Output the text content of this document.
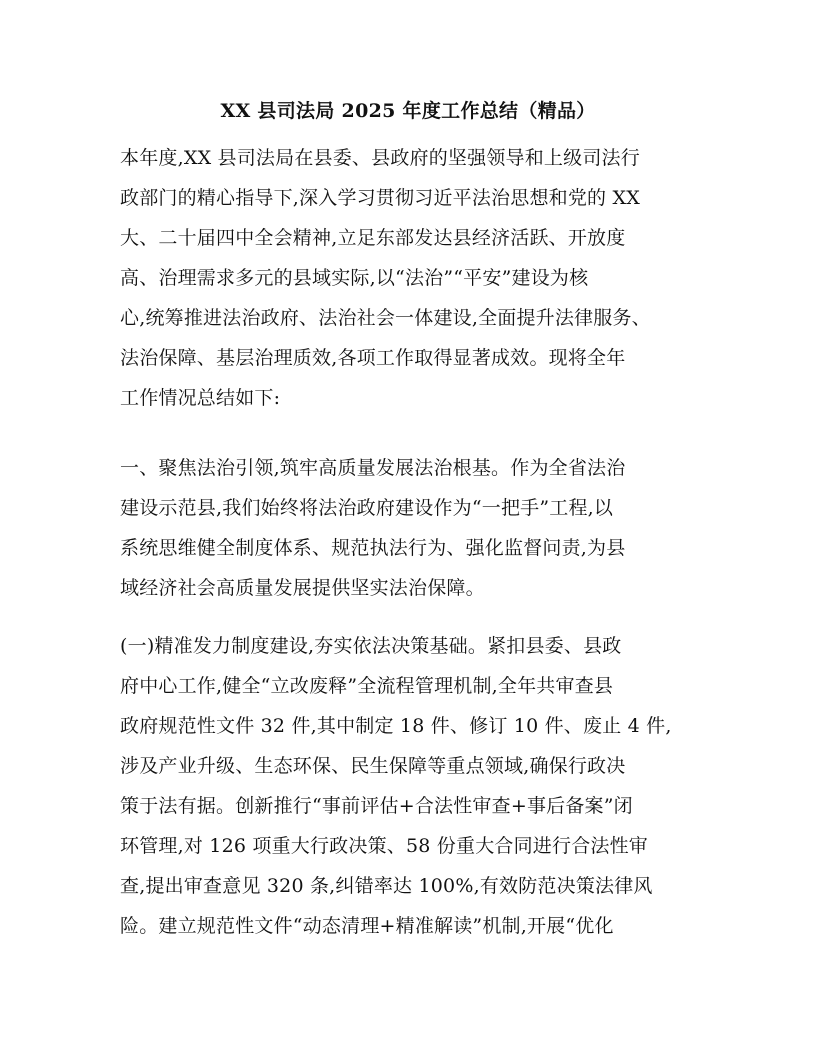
XX 县司法局 2025 年度工作总结（精品）
本年度,XX 县司法局在县委、县政府的坚强领导和上级司法行
政部门的精心指导下,深入学习贯彻习近平法治思想和党的 XX
大、二十届四中全会精神,立足东部发达县经济活跃、开放度
高、治理需求多元的县域实际,以“法治”“平安”建设为核
心,统筹推进法治政府、法治社会一体建设,全面提升法律服务、
法治保障、基层治理质效,各项工作取得显著成效。现将全年
工作情况总结如下:
一、聚焦法治引领,筑牢高质量发展法治根基。作为全省法治
建设示范县,我们始终将法治政府建设作为“一把手”工程,以
系统思维健全制度体系、规范执法行为、强化监督问责,为县
域经济社会高质量发展提供坚实法治保障。
(一)精准发力制度建设,夯实依法决策基础。紧扣县委、县政
府中心工作,健全“立改废释”全流程管理机制,全年共审查县
政府规范性文件 32 件,其中制定 18 件、修订 10 件、废止 4 件,
涉及产业升级、生态环保、民生保障等重点领域,确保行政决
策于法有据。创新推行“事前评估+合法性审查+事后备案”闭
环管理,对 126 项重大行政决策、58 份重大合同进行合法性审
查,提出审查意见 320 条,纠错率达 100%,有效防范决策法律风
险。建立规范性文件“动态清理+精准解读”机制,开展“优化
